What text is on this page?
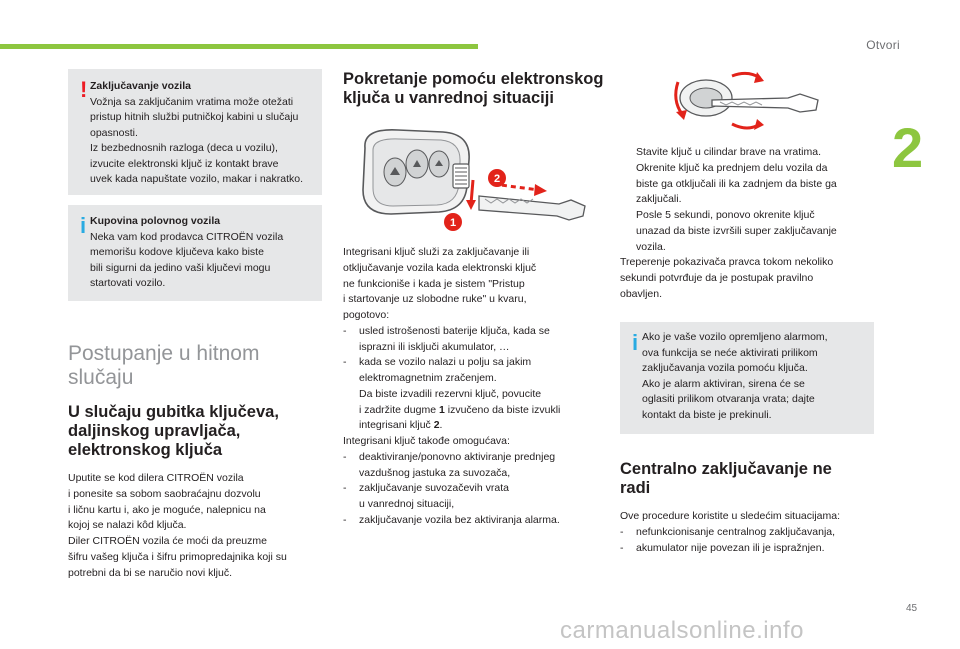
Otvori
2
45
carmanualsonline.info
! Zaključavanje vozila
Vožnja sa zaključanim vratima može otežati
pristup hitnih službi putničkoj kabini u slučaju
opasnosti.
Iz bezbednosnih razloga (deca u vozilu),
izvucite elektronski ključ iz kontakt brave
uvek kada napuštate vozilo, makar i nakratko.
i Kupovina polovnog vozila
Neka vam kod prodavca CITROËN vozila
memorišu kodove ključeva kako biste
bili sigurni da jedino vaši ključevi mogu
startovati vozilo.
Postupanje u hitnom
slučaju
U slučaju gubitka ključeva,
daljinskog upravljača,
elektronskog ključa

Uputite se kod dilera CITROËN vozila

i ponesite sa sobom saobraćajnu dozvolu

i ličnu kartu i, ako je moguće, nalepnicu na

kojoj se nalazi kôd ključa.

Diler CITROËN vozila će moći da preuzme

šifru vašeg ključa i šifru primopredajnika koji su

potrebni da bi se naručio novi ključ.

Pokretanje pomoću elektronskog
ključa u vanrednoj situaciji
1
2

Integrisani ključ služi za zaključavanje ili

otključavanje vozila kada elektronski ključ

ne funkcioniše i kada je sistem "Pristup

i startovanje uz slobodne ruke" u kvaru,

pogotovo:

- usled istrošenosti baterije ključa, kada se

isprazni ili isključi akumulator, …

- kada se vozilo nalazi u polju sa jakim

elektromagnetnim zračenjem.

Da biste izvadili rezervni ključ, povucite

i zadržite dugme 1 izvučeno da biste izvukli

integrisani ključ 2.

Integrisani ključ takođe omogućava:

- deaktiviranje/ponovno aktiviranje prednjeg

vazdušnog jastuka za suvozača,

- zaključavanje suvozačevih vrata

u vanrednoj situaciji,

- zaključavanje vozila bez aktiviranja alarma.

Stavite ključ u cilindar brave na vratima.

Okrenite ključ ka prednjem delu vozila da

biste ga otključali ili ka zadnjem da biste ga

zaključali.

Posle 5 sekundi, ponovo okrenite ključ

unazad da biste izvršili super zaključavanje

vozila.

Treperenje pokazivača pravca tokom nekoliko

sekundi potvrđuje da je postupak pravilno

obavljen.

i Ako je vaše vozilo opremljeno alarmom,
ova funkcija se neće aktivirati prilikom
zaključavanja vozila pomoću ključa.
Ako je alarm aktiviran, sirena će se
oglasiti prilikom otvaranja vrata; dajte
kontakt da biste je prekinuli.
Centralno zaključavanje ne
radi

Ove procedure koristite u sledećim situacijama:

- nefunkcionisanje centralnog zaključavanja,

- akumulator nije povezan ili je ispražnjen.
